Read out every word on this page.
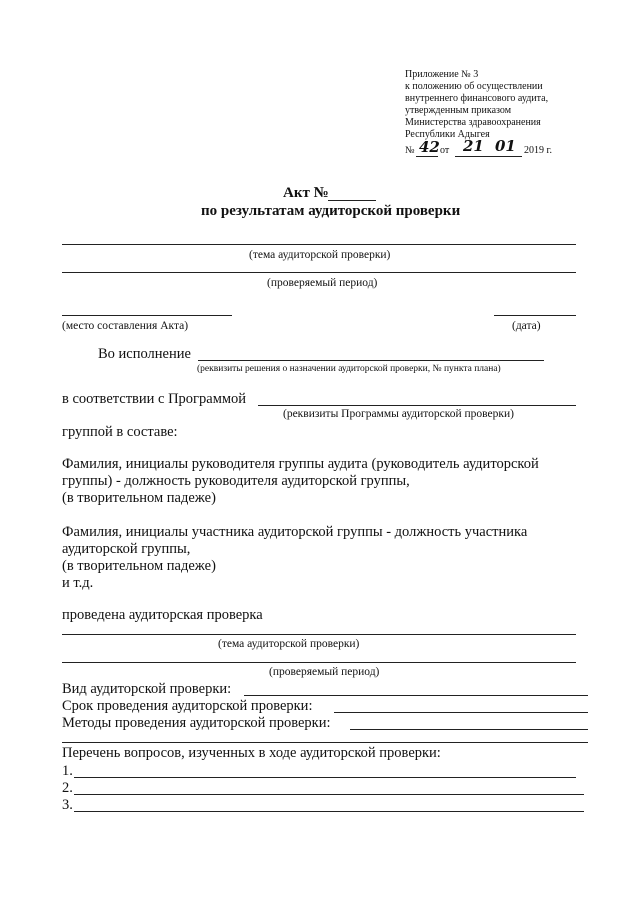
Приложение № 3
к положению об осуществлении
внутреннего финансового аудита,
утвержденным приказом
Министерства здравоохранения
Республики Адыгея
№ 42 от 21 01 2019 г.
Акт №
по результатам аудиторской проверки
(тема аудиторской проверки)
(проверяемый период)
(место составления Акта)	(дата)
Во исполнение
(реквизиты решения о назначении аудиторской проверки, № пункта плана)
в соответствии с Программой
(реквизиты Программы аудиторской проверки)
группой в составе:
Фамилия, инициалы руководителя группы аудита (руководитель аудиторской
группы) - должность руководителя аудиторской группы,
(в творительном падеже)
Фамилия, инициалы участника аудиторской группы - должность участника
аудиторской группы,
(в творительном падеже)
и т.д.
проведена аудиторская проверка
(тема аудиторской проверки)
(проверяемый период)
Вид аудиторской проверки:
Срок проведения аудиторской проверки:
Методы проведения аудиторской проверки:
Перечень вопросов, изученных в ходе аудиторской проверки:
1.
2.
3.
